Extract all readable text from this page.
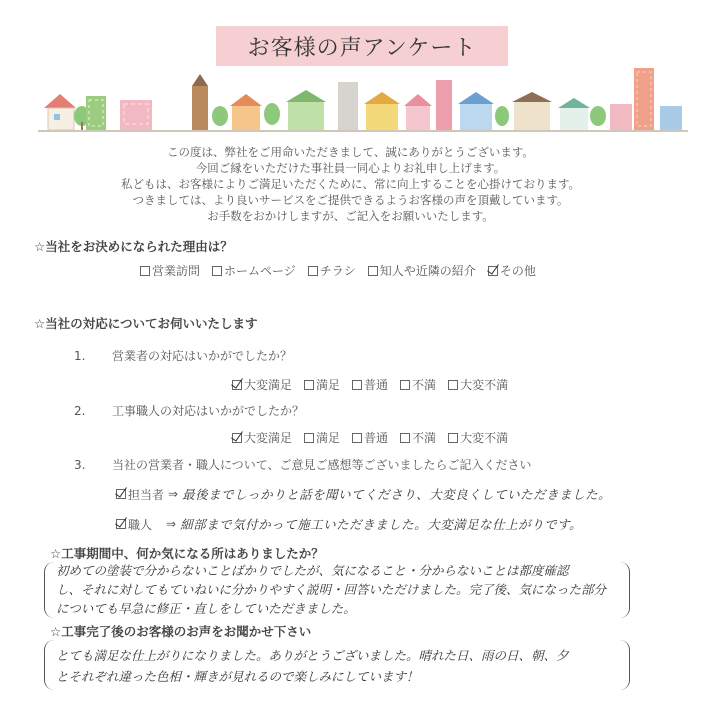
お客様の声アンケート
この度は、弊社をご用命いただきまして、誠にありがとうございます。
今回ご縁をいただけた事社員一同心よりお礼申し上げます。
私どもは、お客様によりご満足いただくために、常に向上することを心掛けております。
つきましては、より良いサービスをご提供できるようお客様の声を頂戴しています。
お手数をおかけしますが、ご記入をお願いいたします。
☆当社をお決めになられた理由は？
営業訪問 ホームページ チラシ 知人や近隣の紹介 その他
☆当社の対応についてお伺いいたします
1. 営業者の対応はいかがでしたか？
大変満足 満足 普通 不満 大変不満
2. 工事職人の対応はいかがでしたか？
大変満足 満足 普通 不満 大変不満
3. 当社の営業者・職人について、ご意見ご感想等ございましたらご記入ください
担当者 ⇒ 最後までしっかりと話を聞いてくださり、大変良くしていただきました。
職人 ⇒ 細部まで気付かって施工いただきました。大変満足な仕上がりです。
☆工事期間中、何か気になる所はありましたか？
初めての塗装で分からないことばかりでしたが、気になること・分からないことは都度確認
し、それに対してもていねいに分かりやすく説明・回答いただけました。完了後、気になった部分
についても早急に修正・直しをしていただきました。
☆工事完了後のお客様のお声をお聞かせ下さい
とても満足な仕上がりになりました。ありがとうございました。晴れた日、雨の日、朝、夕
とそれぞれ違った色相・輝きが見れるので楽しみにしています！
